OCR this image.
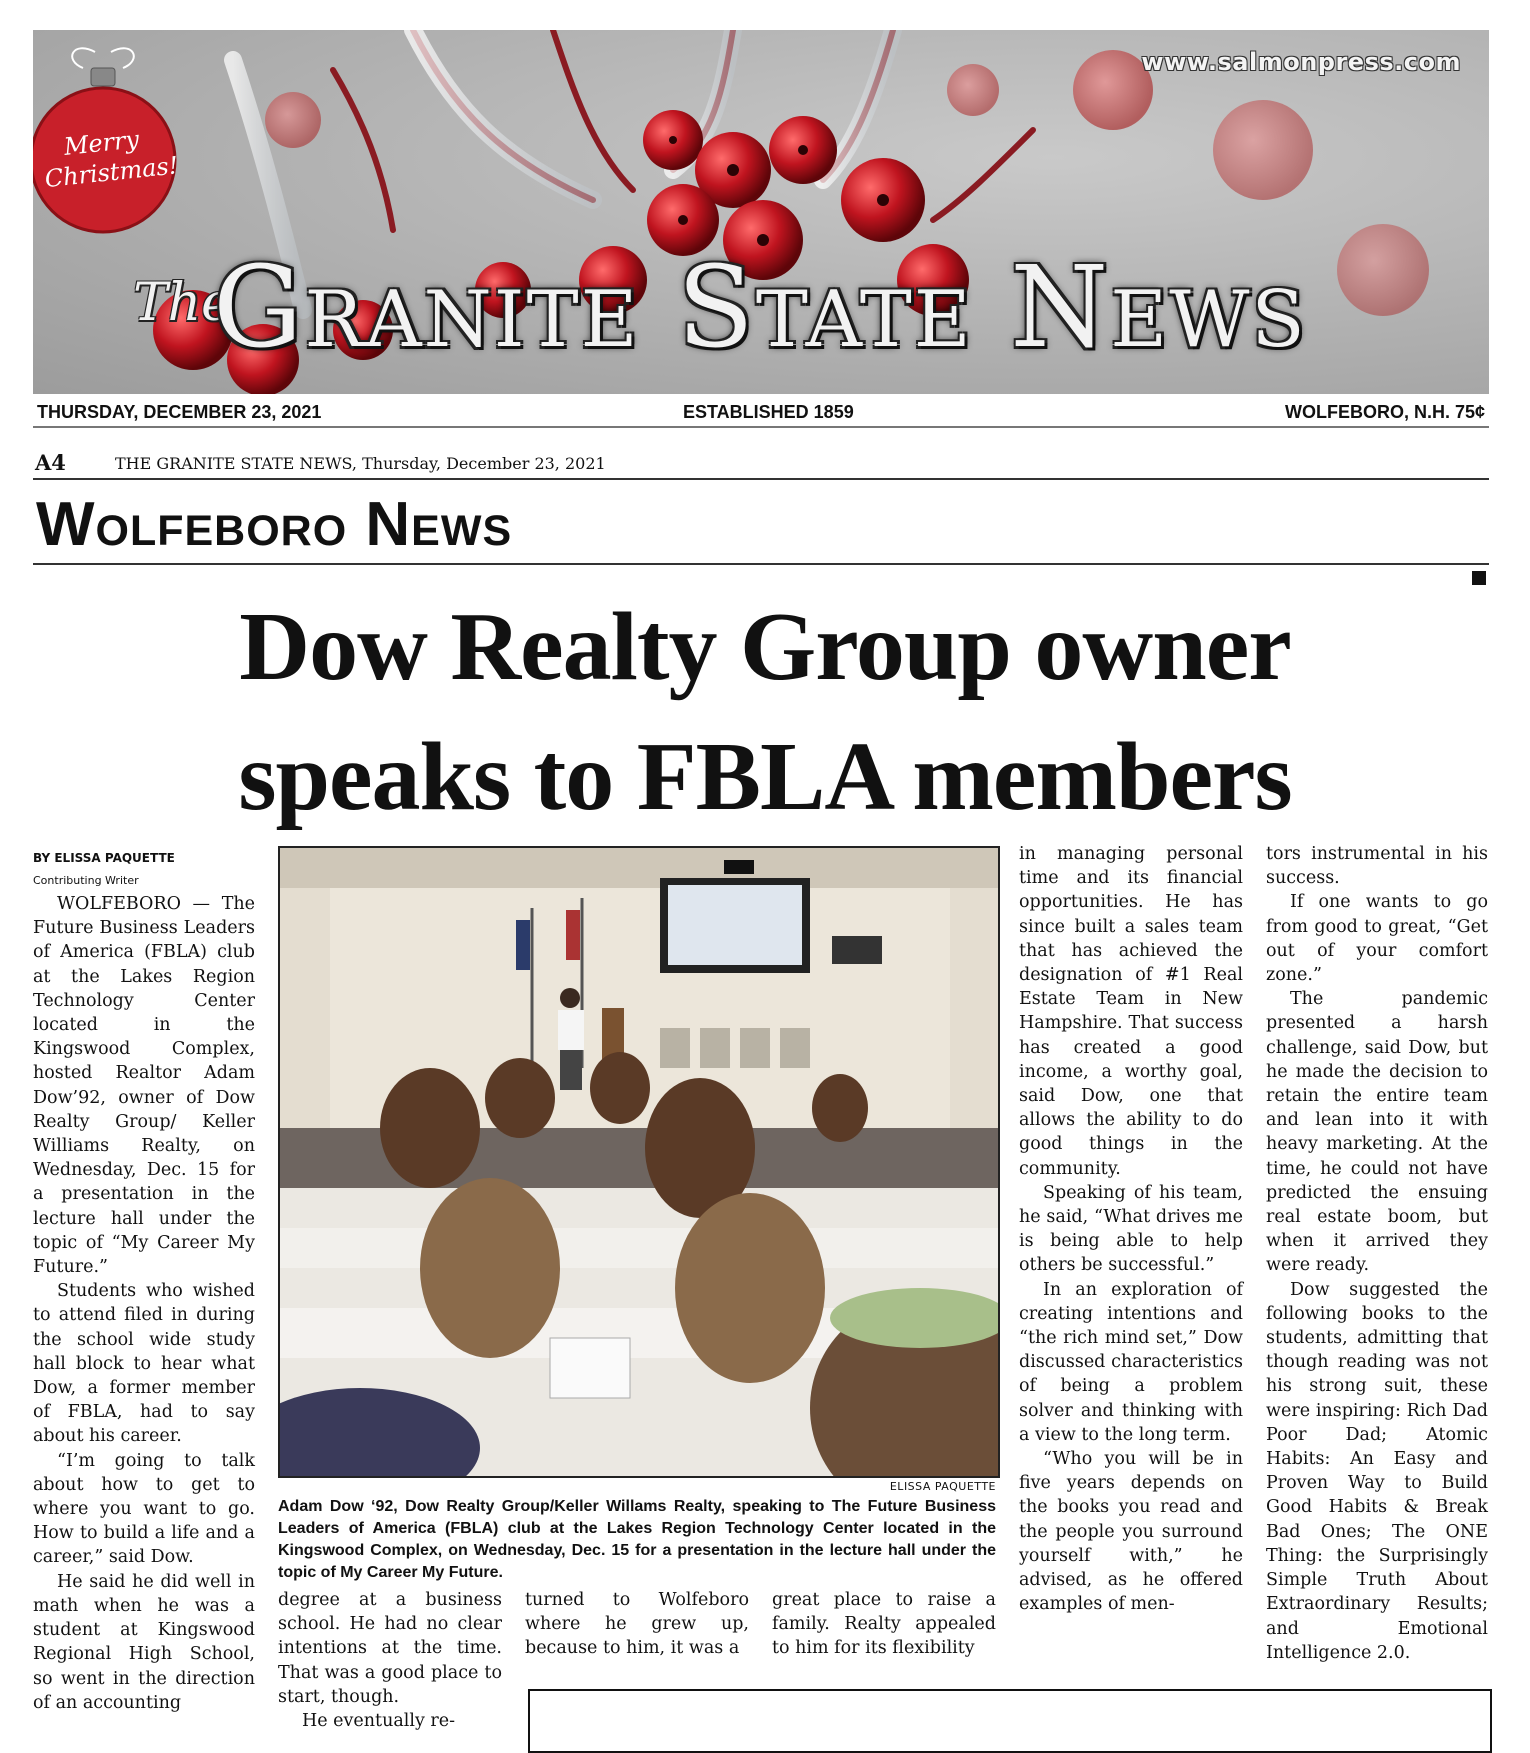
Merry
Christmas!
www.salmonpress.com
The
Granite State News
THURSDAY, DECEMBER 23, 2021	ESTABLISHED 1859	WOLFEBORO, N.H. 75¢
A4	THE GRANITE STATE NEWS, Thursday, December 23, 2021
Wolfeboro News
Dow Realty Group owner
speaks to FBLA members
BY ELISSA PAQUETTE
Contributing Writer

WOLFEBORO — The Future Business Leaders of America (FBLA) club at the Lakes Region Technology Center located in the Kingswood Complex, hosted Realtor Adam Dow’92, owner of Dow Realty Group/ Keller Williams Realty, on Wednesday, Dec. 15 for a presentation in the lecture hall under the topic of “My Career My Future.”

Students who wished to attend filed in during the school wide study hall block to hear what Dow, a former member of FBLA, had to say about his career.

“I’m going to talk about how to get to where you want to go. How to build a life and a career,” said Dow.

He said he did well in math when he was a student at Kingswood Regional High School, so went in the direction of an accounting

ELISSA PAQUETTE
Adam Dow ‘92, Dow Realty Group/Keller Willams Realty, speaking to The Future Business Leaders of America (FBLA) club at the Lakes Region Technology Center located in the Kingswood Complex, on Wednesday, Dec. 15 for a presentation in the lecture hall under the topic of My Career My Future.

degree at a business school. He had no clear intentions at the time. That was a good place to start, though.

He eventually re-

turned to Wolfeboro where he grew up, because to him, it was a

great place to raise a family. Realty appealed to him for its flexibility

in managing personal time and its financial opportunities. He has since built a sales team that has achieved the designation of #1 Real Estate Team in New Hampshire. That success has created a good income, a worthy goal, said Dow, one that allows the ability to do good things in the community.

Speaking of his team, he said, “What drives me is being able to help others be successful.”

In an exploration of creating intentions and “the rich mind set,” Dow discussed characteristics of being a problem solver and thinking with a view to the long term.

“Who you will be in five years depends on the books you read and the people you surround yourself with,” he advised, as he offered examples of men-

tors instrumental in his success.

If one wants to go from good to great, “Get out of your comfort zone.”

The pandemic presented a harsh challenge, said Dow, but he made the decision to retain the entire team and lean into it with heavy marketing. At the time, he could not have predicted the ensuing real estate boom, but when it arrived they were ready.

Dow suggested the following books to the students, admitting that though reading was not his strong suit, these were inspiring: Rich Dad Poor Dad; Atomic Habits: An Easy and Proven Way to Build Good Habits & Break Bad Ones; The ONE Thing: the Surprisingly Simple Truth About Extraordinary Results; and Emotional Intelligence 2.0.
